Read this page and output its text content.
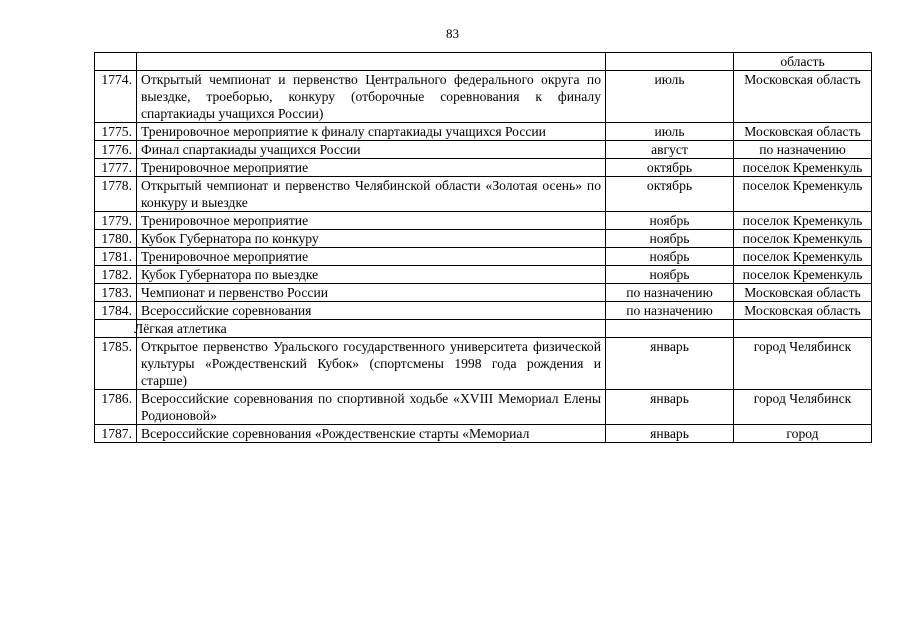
83
			область
1774.	Открытый чемпионат и первенство Центрального федерального округа по выездке, троеборью, конкуру (отборочные соревнования к финалу спартакиады учащихся России)	июль	Московская область
1775.	Тренировочное мероприятие к финалу спартакиады учащихся России	июль	Московская область
1776.	Финал спартакиады учащихся России	август	по назначению
1777.	Тренировочное мероприятие	октябрь	поселок Кременкуль
1778.	Открытый чемпионат и первенство Челябинской области «Золотая осень» по конкуру и выездке	октябрь	поселок Кременкуль
1779.	Тренировочное мероприятие	ноябрь	поселок Кременкуль
1780.	Кубок Губернатора по конкуру	ноябрь	поселок Кременкуль
1781.	Тренировочное мероприятие	ноябрь	поселок Кременкуль
1782.	Кубок Губернатора по выездке	ноябрь	поселок Кременкуль
1783.	Чемпионат и первенство России	по назначению	Московская область
1784.	Всероссийские соревнования	по назначению	Московская область
	Лёгкая атлетика		
1785.	Открытое первенство Уральского государственного университета физической культуры «Рождественский Кубок» (спортсмены 1998 года рождения и старше)	январь	город Челябинск
1786.	Всероссийские соревнования по спортивной ходьбе «XVIII Мемориал Елены Родионовой»	январь	город Челябинск
1787.	Всероссийские соревнования «Рождественские старты «Мемориал	январь	город
